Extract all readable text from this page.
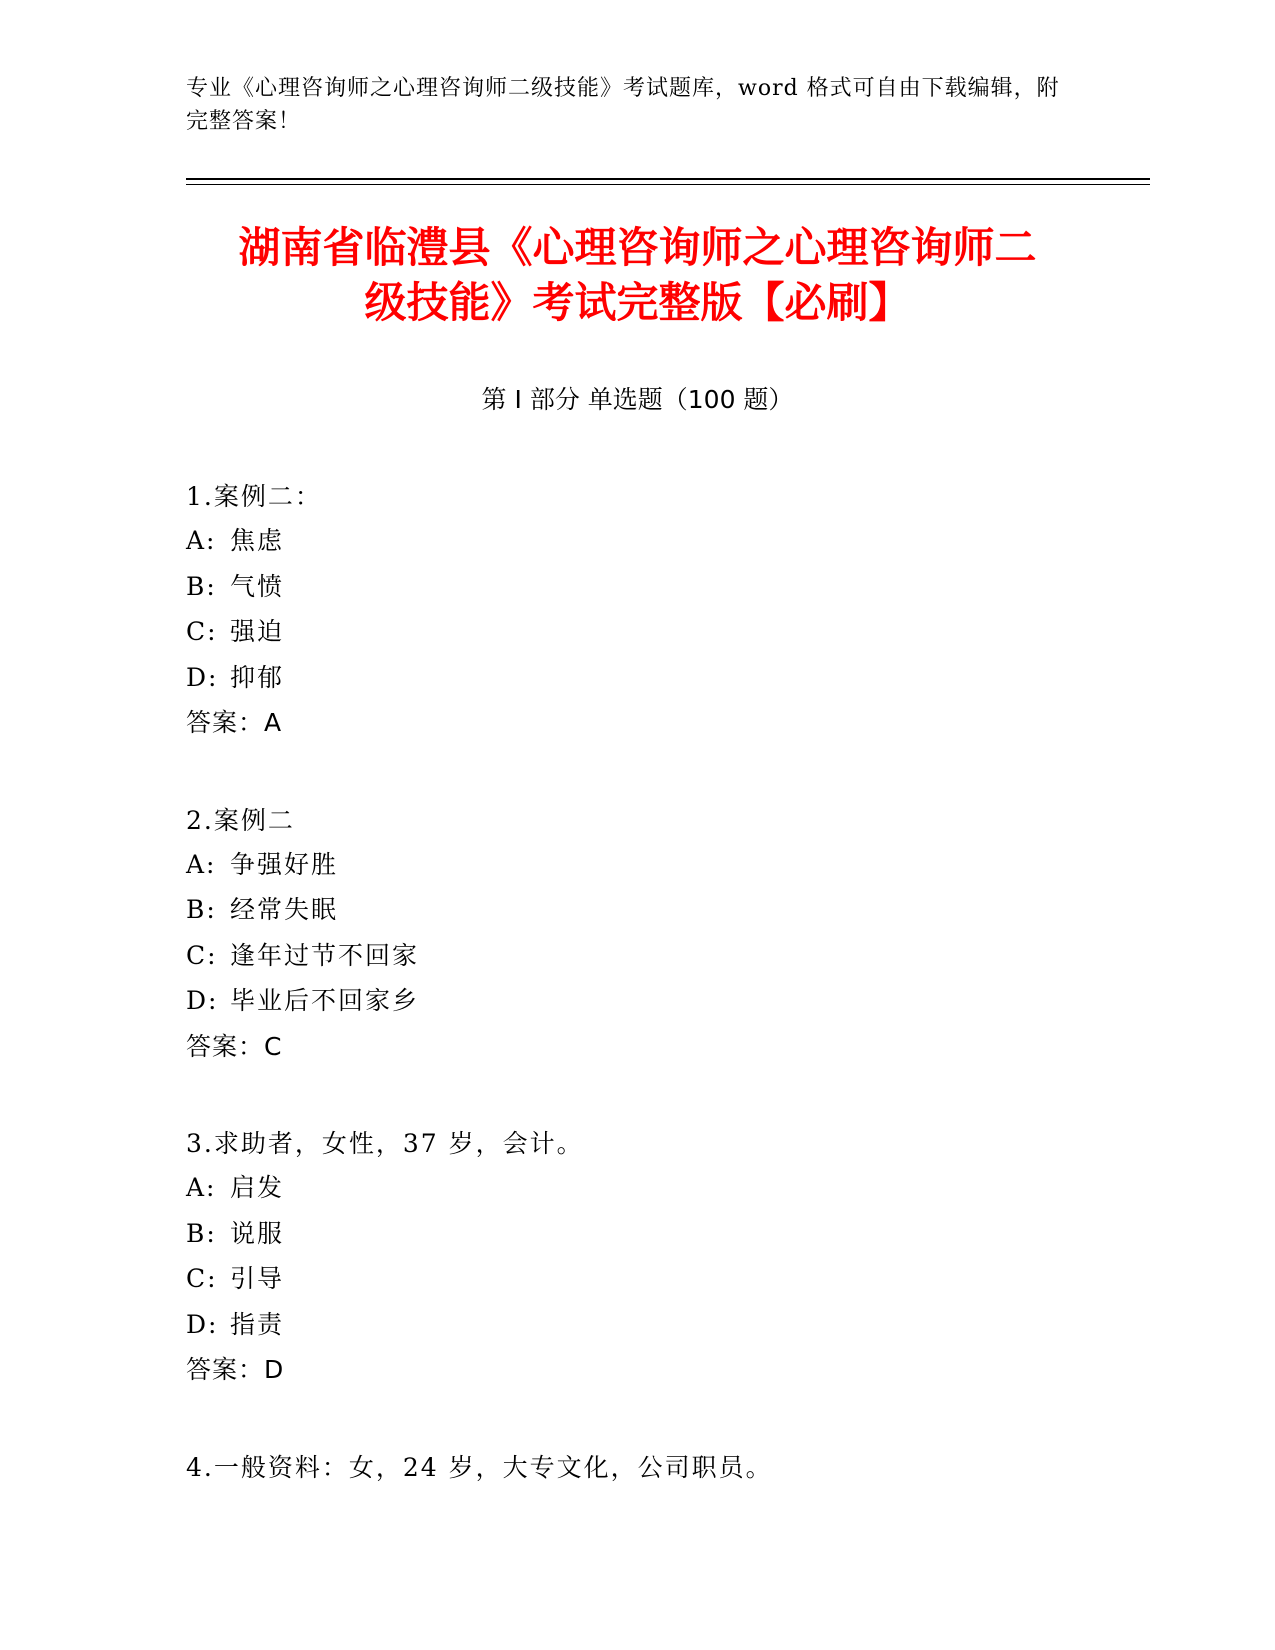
专业《心理咨询师之心理咨询师二级技能》考试题库，word 格式可自由下载编辑，附完整答案！
湖南省临澧县《心理咨询师之心理咨询师二
级技能》考试完整版【必刷】
第 I 部分 单选题（100 题）
1.案例二：
A: 焦虑
B: 气愤
C: 强迫
D: 抑郁
答案：A
2.案例二
A: 争强好胜
B: 经常失眠
C: 逢年过节不回家
D: 毕业后不回家乡
答案：C
3.求助者，女性，37 岁，会计。
A: 启发
B: 说服
C: 引导
D: 指责
答案：D
4.一般资料：女，24 岁，大专文化，公司职员。
